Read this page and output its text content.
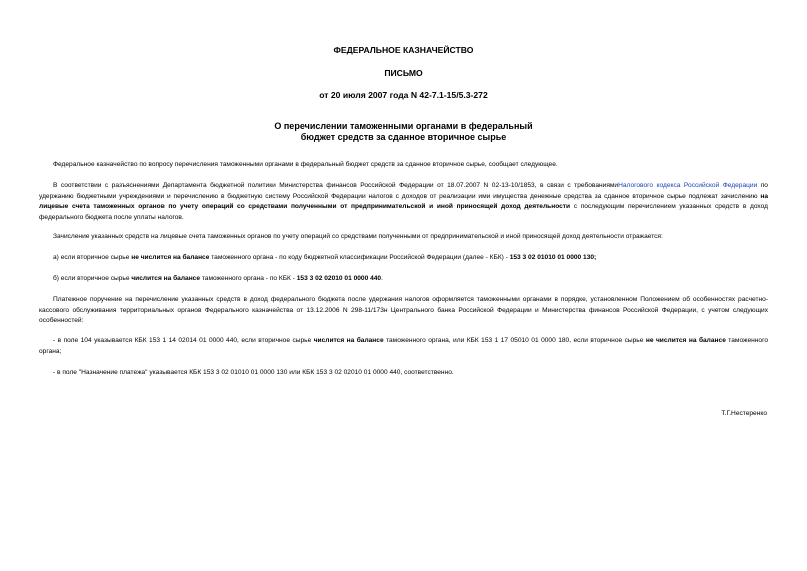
ФЕДЕРАЛЬНОЕ КАЗНАЧЕЙСТВО
ПИСЬМО
от 20 июля 2007 года N 42-7.1-15/5.3-272
О перечислении таможенными органами в федеральный
бюджет средств за сданное вторичное сырье
Федеральное казначейство по вопросу перечисления таможенными органами в федеральный бюджет средств за сданное вторичное сырье, сообщает следующее.
В соответствии с разъяснениями Департамента бюджетной политики Министерства финансов Российской Федерации от 18.07.2007 N 02-13-10/1853, в связи с требованиямиНалогового кодекса Российской Федерации по удержанию бюджетными учреждениями и перечислению в бюджетную систему Российской Федерации налогов с доходов от реализации ими имущества денежные средства за сданное вторичное сырье подлежат зачислению на лицевые счета таможенных органов по учету операций со средствами полученными от предпринимательской и иной приносящей доход деятельности с последующим перечислением указанных средств в доход федерального бюджета после уплаты налогов.
Зачисление указанных средств на лицевые счета таможенных органов по учету операций со средствами полученными от предпринимательской и иной приносящей доход деятельности отражается:
а) если вторичное сырье не числится на балансе таможенного органа - по коду бюджетной классификации Российской Федерации (далее - КБК) - 153 3 02 01010 01 0000 130;
б) если вторичное сырье числится на балансе таможенного органа - по КБК - 153 3 02 02010 01 0000 440.
Платежное поручение на перечисление указанных средств в доход федерального бюджета после удержания налогов оформляется таможенными органами в порядке, установленном Положением об особенностях расчетно-кассового обслуживания территориальных органов Федерального казначейства от 13.12.2006 N 298-11/173н Центрального банка Российской Федерации и Министерства финансов Российской Федерации, с учетом следующих особенностей:
- в поле 104 указывается КБК 153 1 14 02014 01 0000 440, если вторичное сырье числится на балансе таможенного органа, или КБК 153 1 17 05010 01 0000 180, если вторичное сырье не числится на балансе таможенного органа;
- в поле "Назначение платежа" указывается КБК 153 3 02 01010 01 0000 130 или КБК 153 3 02 02010 01 0000 440, соответственно.
Т.Г.Нестеренко
